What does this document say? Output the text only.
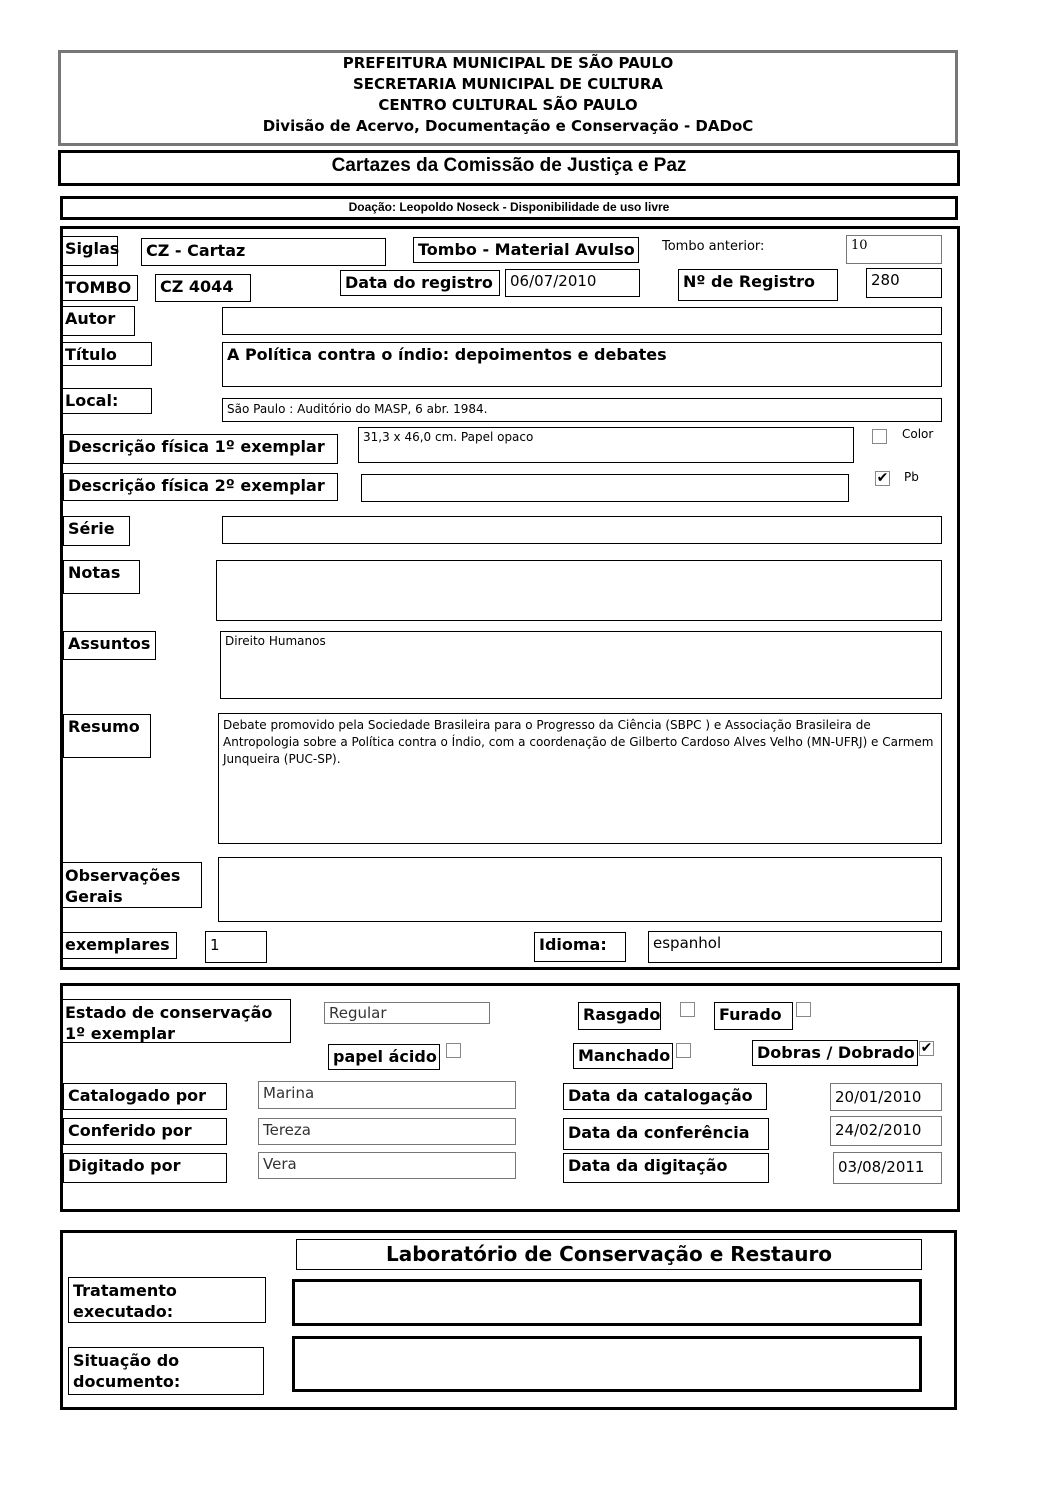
PREFEITURA MUNICIPAL DE SÃO PAULO
SECRETARIA MUNICIPAL DE CULTURA
CENTRO CULTURAL SÃO PAULO
Divisão de Acervo, Documentação e Conservação - DADoC
Cartazes da Comissão de Justiça e Paz
Doação: Leopoldo Noseck - Disponibilidade de uso livre
Siglas	CZ - Cartaz	Tombo - Material Avulso	Tombo anterior:	10
TOMBO	CZ 4044	Data do registro	06/07/2010	Nº de Registro	280
Autor
Título	A Política contra o índio: depoimentos e debates
Local:	São Paulo : Auditório do MASP, 6 abr. 1984.
Descrição física 1º exemplar	31,3 x 46,0 cm. Papel opaco	Color
Descrição física 2º exemplar	✔ Pb
Série
Notas
Assuntos	Direito Humanos
Resumo	Debate promovido pela Sociedade Brasileira para o Progresso da Ciência (SBPC ) e Associação Brasileira de Antropologia sobre a Política contra o Índio, com a coordenação de Gilberto Cardoso Alves Velho (MN-UFRJ) e Carmem Junqueira (PUC-SP).
Observações Gerais
exemplares	1	Idioma:	espanhol
Estado de conservação 1º exemplar
Regular	Rasgado	Furado
papel ácido	Manchado	Dobras / Dobrado ✔
Catalogado por	Marina	Data da catalogação	20/01/2010
Conferido por	Tereza	Data da conferência	24/02/2010
Digitado por	Vera	Data da digitação	03/08/2011
Laboratório de Conservação e Restauro
Tratamento executado:
Situação do documento:
